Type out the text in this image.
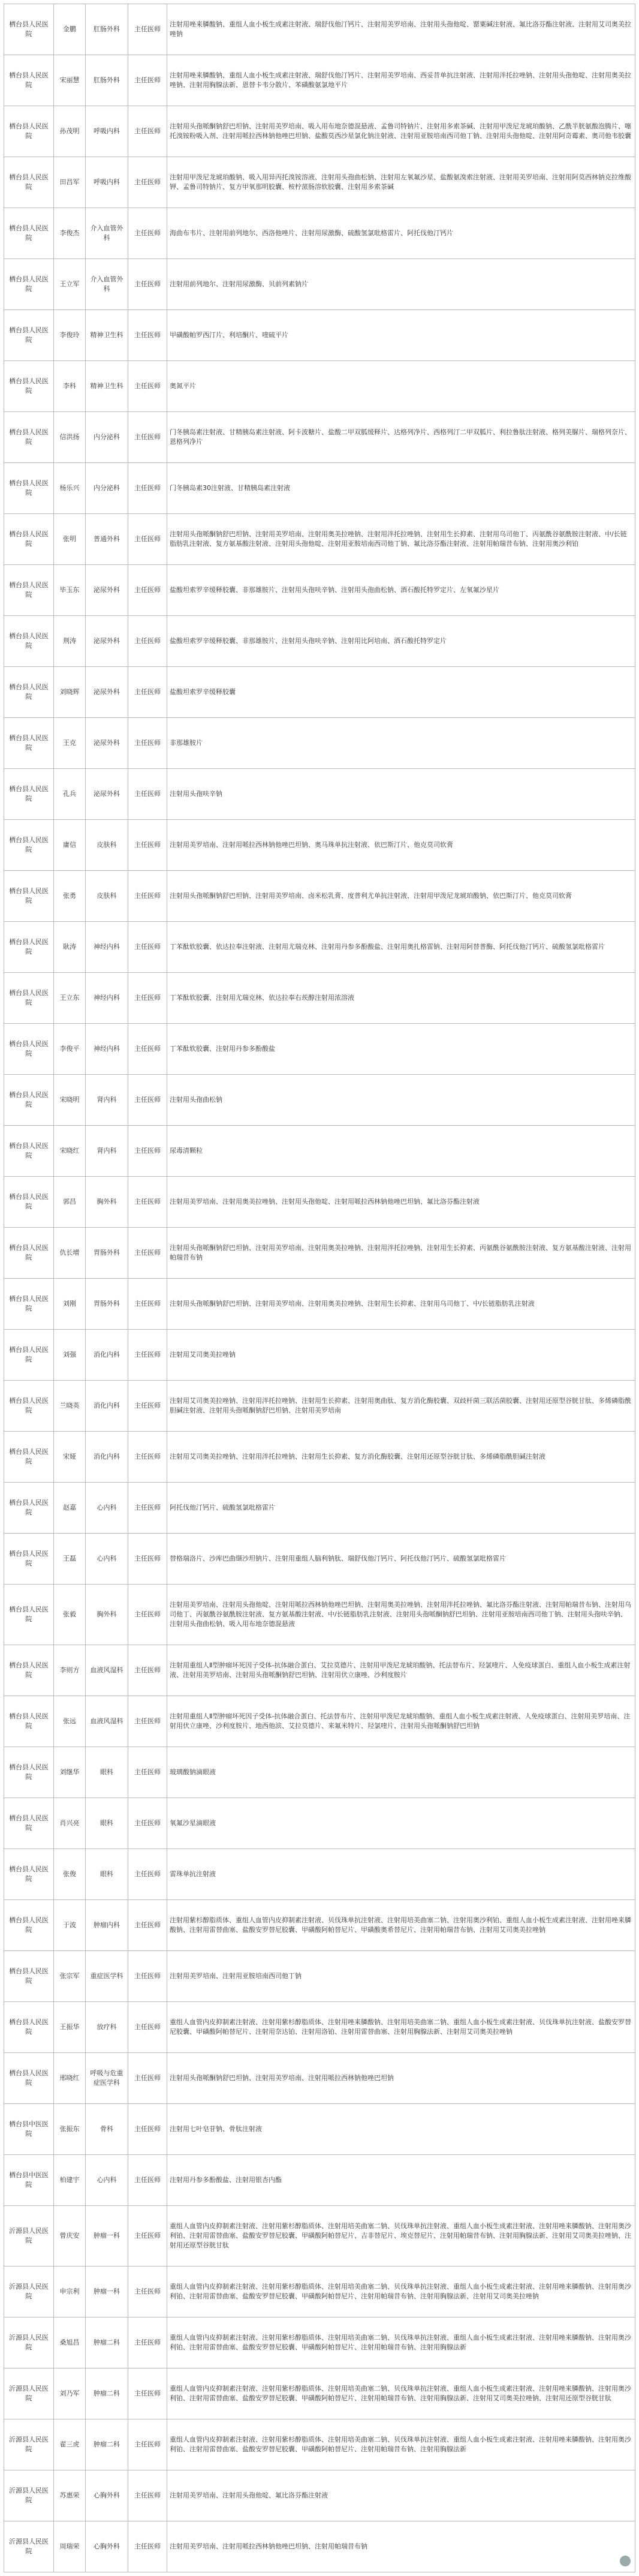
栖台县人民医院	金鹏	肛肠外科	主任医师	注射用唑来膦酸钠、重组人血小板生成素注射液、瑞舒伐他汀钙片、注射用美罗培南、注射用头孢他啶、罂粟碱注射液、氟比洛芬酯注射液、注射用艾司奥美拉唑钠
栖台县人民医院	宋丽慧	肛肠外科	主任医师	注射用唑来膦酸钠、重组人血小板生成素注射液、瑞舒伐他汀钙片、注射用美罗培南、西妥昔单抗注射液、注射用泮托拉唑钠、注射用头孢他啶、注射用奥美拉唑钠、注射用胸腺法新、恩替卡韦分散片、苯磺酸氨氯地平片
栖台县人民医院	孙茂明	呼吸内科	主任医师	注射用头孢哌酮钠舒巴坦钠、注射用美罗培南、吸入用布地奈德混悬液、孟鲁司特钠片、注射用多索茶碱、注射用甲泼尼龙琥珀酸钠、乙酰半胱氨酸泡腾片、噻托溴铵粉吸入剂、注射用哌拉西林钠他唑巴坦钠、盐酸莫西沙星氯化钠注射液、注射用亚胺培南西司他丁钠、注射用头孢他啶、注射用阿奇霉素、奥司他韦胶囊
栖台县人民医院	田昌军	呼吸内科	主任医师	注射用甲泼尼龙琥珀酸钠、吸入用异丙托溴铵溶液、注射用头孢曲松钠、注射用左氧氟沙星、盐酸氨溴索注射液、注射用美罗培南、注射用阿莫西林钠克拉维酸钾、孟鲁司特钠片、复方甲氧那明胶囊、桉柠蒎肠溶软胶囊、注射用多索茶碱
栖台县人民医院	李俊杰	介入血管外科	主任医师	海曲布韦片、注射用前列地尔、西洛他唑片、注射用尿激酶、硫酸氢氯吡格雷片、阿托伐他汀钙片
栖台县人民医院	王立军	介入血管外科	主任医师	注射用前列地尔、注射用尿激酶、贝前列素钠片
栖台县人民医院	李俊玲	精神卫生科	主任医师	甲磺酸帕罗西汀片、利培酮片、喹硫平片
栖台县人民医院	李科	精神卫生科	主任医师	奥氮平片
栖台县人民医院	信洪扬	内分泌科	主任医师	门冬胰岛素注射液、甘精胰岛素注射液、阿卡波糖片、盐酸二甲双胍缓释片、达格列净片、西格列汀二甲双胍片、利拉鲁肽注射液、格列美脲片、瑞格列奈片、恩格列净片
栖台县人民医院	杨乐兴	内分泌科	主任医师	门冬胰岛素30注射液、甘精胰岛素注射液
栖台县人民医院	张明	普通外科	主任医师	注射用头孢哌酮钠舒巴坦钠、注射用美罗培南、注射用奥美拉唑钠、注射用泮托拉唑钠、注射用生长抑素、注射用乌司他丁、丙氨酰谷氨酰胺注射液、中/长链脂肪乳注射液、复方氨基酸注射液、注射用头孢他啶、注射用亚胺培南西司他丁钠、氟比洛芬酯注射液、注射用帕瑞昔布钠、注射用奥沙利铂
栖台县人民医院	毕玉东	泌尿外科	主任医师	盐酸坦索罗辛缓释胶囊、非那雄胺片、注射用头孢呋辛钠、注射用头孢曲松钠、酒石酸托特罗定片、左氧氟沙星片
栖台县人民医院	荆涛	泌尿外科	主任医师	盐酸坦索罗辛缓释胶囊、非那雄胺片、注射用头孢呋辛钠、注射用比阿培南、酒石酸托特罗定片
栖台县人民医院	刘晓辉	泌尿外科	主任医师	盐酸坦索罗辛缓释胶囊
栖台县人民医院	王克	泌尿外科	主任医师	非那雄胺片
栖台县人民医院	孔兵	泌尿外科	主任医师	注射用头孢呋辛钠
栖台县人民医院	庸信	皮肤科	主任医师	注射用美罗培南、注射用哌拉西林钠他唑巴坦钠、奥马珠单抗注射液、依巴斯汀片、他克莫司软膏
栖台县人民医院	张勇	皮肤科	主任医师	注射用头孢哌酮钠舒巴坦钠、注射用美罗培南、卤米松乳膏、度普利尤单抗注射液、注射用甲泼尼龙琥珀酸钠、依巴斯汀片、他克莫司软膏
栖台县人民医院	耿涛	神经内科	主任医师	丁苯酞软胶囊、依达拉奉注射液、注射用尤瑞克林、注射用丹参多酚酸盐、注射用奥扎格雷钠、注射用阿替普酶、阿托伐他汀钙片、硫酸氢氯吡格雷片
栖台县人民医院	王立东	神经内科	主任医师	丁苯酞软胶囊、注射用尤瑞克林、依达拉奉右莰醇注射用浓溶液
栖台县人民医院	李俊平	神经内科	主任医师	丁苯酞软胶囊、注射用丹参多酚酸盐
栖台县人民医院	宋晓明	肾内科	主任医师	注射用头孢曲松钠
栖台县人民医院	宋晓红	肾内科	主任医师	尿毒清颗粒
栖台县人民医院	郭昌	胸外科	主任医师	注射用美罗培南、注射用奥美拉唑钠、注射用头孢他啶、注射用哌拉西林钠他唑巴坦钠、氟比洛芬酯注射液
栖台县人民医院	仇长增	胃肠外科	主任医师	注射用头孢哌酮钠舒巴坦钠、注射用美罗培南、注射用奥美拉唑钠、注射用泮托拉唑钠、注射用生长抑素、丙氨酰谷氨酰胺注射液、复方氨基酸注射液、注射用帕瑞昔布钠
栖台县人民医院	刘刚	胃肠外科	主任医师	注射用头孢哌酮钠舒巴坦钠、注射用美罗培南、注射用奥美拉唑钠、注射用生长抑素、注射用乌司他丁、中/长链脂肪乳注射液
栖台县人民医院	刘强	消化内科	主任医师	注射用艾司奥美拉唑钠
栖台县人民医院	兰晓英	消化内科	主任医师	注射用艾司奥美拉唑钠、注射用泮托拉唑钠、注射用生长抑素、注射用奥曲肽、复方消化酶胶囊、双歧杆菌三联活菌胶囊、注射用还原型谷胱甘肽、多烯磷脂酰胆碱注射液、注射用头孢哌酮钠舒巴坦钠、注射用美罗培南
栖台县人民医院	宋娅	消化内科	主任医师	注射用艾司奥美拉唑钠、注射用泮托拉唑钠、注射用生长抑素、复方消化酶胶囊、注射用还原型谷胱甘肽、多烯磷脂酰胆碱注射液
栖台县人民医院	赵嘉	心内科	主任医师	阿托伐他汀钙片、硫酸氢氯吡格雷片
栖台县人民医院	王磊	心内科	主任医师	替格瑞洛片、沙库巴曲缬沙坦钠片、注射用重组人脑利钠肽、瑞舒伐他汀钙片、阿托伐他汀钙片、硫酸氢氯吡格雷片
栖台县人民医院	张毅	胸外科	主任医师	注射用美罗培南、注射用头孢他啶、注射用哌拉西林钠他唑巴坦钠、注射用奥美拉唑钠、注射用泮托拉唑钠、氟比洛芬酯注射液、注射用帕瑞昔布钠、注射用乌司他丁、丙氨酰谷氨酰胺注射液、复方氨基酸注射液、中/长链脂肪乳注射液、注射用头孢哌酮钠舒巴坦钠、注射用亚胺培南西司他丁钠、注射用头孢呋辛钠、注射用头孢曲松钠、吸入用布地奈德混悬液
栖台县人民医院	李则方	血液风湿科	主任医师	注射用重组人Ⅱ型肿瘤坏死因子受体-抗体融合蛋白、艾拉莫德片、注射用甲泼尼龙琥珀酸钠、托法替布片、羟氯喹片、人免疫球蛋白、重组人血小板生成素注射液、注射用美罗培南、注射用头孢哌酮钠舒巴坦钠、注射用伏立康唑、沙利度胺片
栖台县人民医院	张远	血液风湿科	主任医师	注射用重组人Ⅱ型肿瘤坏死因子受体-抗体融合蛋白、托法替布片、注射用甲泼尼龙琥珀酸钠、重组人血小板生成素注射液、人免疫球蛋白、注射用美罗培南、注射用伏立康唑、沙利度胺片、地西他滨、艾拉莫德片、来氟米特片、羟氯喹片、注射用头孢哌酮钠舒巴坦钠
栖台县人民医院	刘继华	眼科	主任医师	玻璃酸钠滴眼液
栖台县人民医院	肖兴亮	眼科	主任医师	氧氟沙星滴眼液
栖台县人民医院	张俊	眼科	主任医师	雷珠单抗注射液
栖台县人民医院	于波	肿瘤内科	主任医师	注射用紫杉醇脂质体、重组人血管内皮抑制素注射液、贝伐珠单抗注射液、注射用培美曲塞二钠、注射用奥沙利铂、重组人血小板生成素注射液、注射用唑来膦酸钠、注射用雷替曲塞、盐酸安罗替尼胶囊、甲磺酸阿帕替尼片、甲磺酸奥希替尼片、注射用帕瑞昔布钠、注射用艾司奥美拉唑钠
栖台县人民医院	张宗军	重症医学科	主任医师	注射用美罗培南、注射用亚胺培南西司他丁钠
栖台县人民医院	王振华	放疗科	主任医师	重组人血管内皮抑制素注射液、注射用紫杉醇脂质体、注射用唑来膦酸钠、注射用培美曲塞二钠、重组人血小板生成素注射液、贝伐珠单抗注射液、盐酸安罗替尼胶囊、甲磺酸阿帕替尼片、注射用奈达铂、注射用洛铂、注射用雷替曲塞、注射用胸腺法新、注射用艾司奥美拉唑钠
栖台县人民医院	邢晓红	呼吸与危重症医学科	主任医师	注射用头孢哌酮钠舒巴坦钠、注射用美罗培南、注射用哌拉西林钠他唑巴坦钠
栖台县中医医院	张振东	骨科	主任医师	注射用七叶皂苷钠、骨肽注射液
栖台县中医医院	柏建宇	心内科	主任医师	注射用丹参多酚酸盐、注射用银杏内酯
沂源县人民医院	曾庆安	肿瘤一科	主任医师	重组人血管内皮抑制素注射液、注射用紫杉醇脂质体、注射用培美曲塞二钠、贝伐珠单抗注射液、重组人血小板生成素注射液、注射用唑来膦酸钠、注射用奥沙利铂、注射用雷替曲塞、盐酸安罗替尼胶囊、甲磺酸阿帕替尼片、吉非替尼片、埃克替尼片、注射用帕瑞昔布钠、注射用胸腺法新、注射用艾司奥美拉唑钠、注射用还原型谷胱甘肽
沂源县人民医院	申宗利	肿瘤一科	主任医师	重组人血管内皮抑制素注射液、注射用紫杉醇脂质体、注射用培美曲塞二钠、贝伐珠单抗注射液、重组人血小板生成素注射液、注射用唑来膦酸钠、注射用奥沙利铂、注射用雷替曲塞、盐酸安罗替尼胶囊、甲磺酸阿帕替尼片、注射用帕瑞昔布钠、注射用胸腺法新、注射用艾司奥美拉唑钠
沂源县人民医院	桑旭昌	肿瘤二科	主任医师	重组人血管内皮抑制素注射液、注射用紫杉醇脂质体、注射用培美曲塞二钠、贝伐珠单抗注射液、重组人血小板生成素注射液、注射用唑来膦酸钠、注射用奥沙利铂、注射用雷替曲塞、盐酸安罗替尼胶囊、甲磺酸阿帕替尼片、注射用帕瑞昔布钠、注射用胸腺法新
沂源县人民医院	刘乃军	肿瘤二科	主任医师	重组人血管内皮抑制素注射液、注射用紫杉醇脂质体、注射用培美曲塞二钠、贝伐珠单抗注射液、重组人血小板生成素注射液、注射用唑来膦酸钠、注射用奥沙利铂、注射用雷替曲塞、盐酸安罗替尼胶囊、甲磺酸阿帕替尼片、注射用帕瑞昔布钠、注射用胸腺法新、注射用艾司奥美拉唑钠、注射用还原型谷胱甘肽
沂源县人民医院	翟三虎	肿瘤二科	主任医师	重组人血管内皮抑制素注射液、注射用紫杉醇脂质体、注射用培美曲塞二钠、贝伐珠单抗注射液、重组人血小板生成素注射液、注射用唑来膦酸钠、注射用奥沙利铂、注射用雷替曲塞、盐酸安罗替尼胶囊、甲磺酸阿帕替尼片、注射用帕瑞昔布钠、注射用胸腺法新
沂源县人民医院	苏惠荣	心胸外科	主任医师	注射用美罗培南、注射用头孢他啶、氟比洛芬酯注射液
沂源县人民医院	周瑞荣	心胸外科	主任医师	注射用美罗培南、注射用哌拉西林钠他唑巴坦钠、注射用帕瑞昔布钠
